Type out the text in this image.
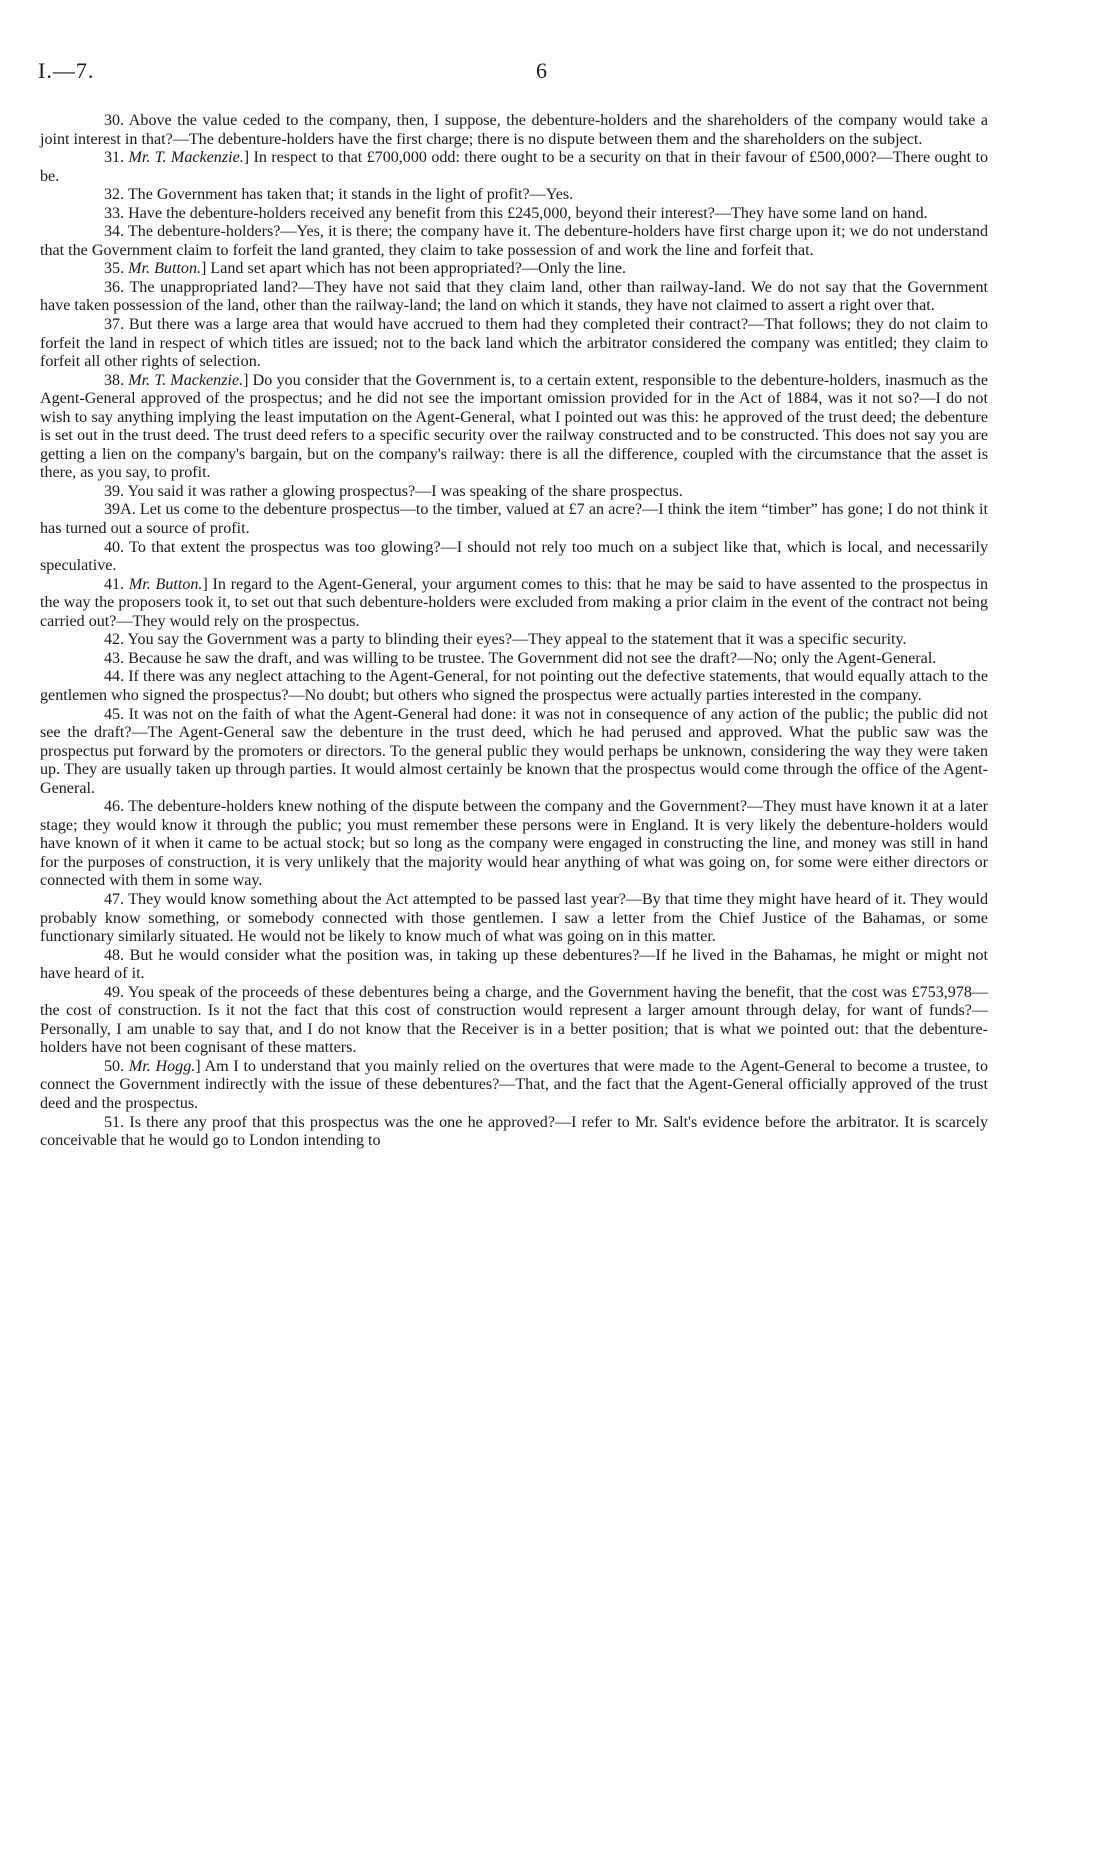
I.—7.	6

30. Above the value ceded to the company, then, I suppose, the debenture-holders and the shareholders of the company would take a joint interest in that?—The debenture-holders have the first charge; there is no dispute between them and the shareholders on the subject.

31. Mr. T. Mackenzie.] In respect to that £700,000 odd: there ought to be a security on that in their favour of £500,000?—There ought to be.

32. The Government has taken that; it stands in the light of profit?—Yes.

33. Have the debenture-holders received any benefit from this £245,000, beyond their interest?—They have some land on hand.

34. The debenture-holders?—Yes, it is there; the company have it. The debenture-holders have first charge upon it; we do not understand that the Government claim to forfeit the land granted, they claim to take possession of and work the line and forfeit that.

35. Mr. Button.] Land set apart which has not been appropriated?—Only the line.

36. The unappropriated land?—They have not said that they claim land, other than railway-land. We do not say that the Government have taken possession of the land, other than the railway-land; the land on which it stands, they have not claimed to assert a right over that.

37. But there was a large area that would have accrued to them had they completed their contract?—That follows; they do not claim to forfeit the land in respect of which titles are issued; not to the back land which the arbitrator considered the company was entitled; they claim to forfeit all other rights of selection.

38. Mr. T. Mackenzie.] Do you consider that the Government is, to a certain extent, responsible to the debenture-holders, inasmuch as the Agent-General approved of the prospectus; and he did not see the important omission provided for in the Act of 1884, was it not so?—I do not wish to say anything implying the least imputation on the Agent-General, what I pointed out was this: he approved of the trust deed; the debenture is set out in the trust deed. The trust deed refers to a specific security over the railway constructed and to be constructed. This does not say you are getting a lien on the company's bargain, but on the company's railway: there is all the difference, coupled with the circumstance that the asset is there, as you say, to profit.

39. You said it was rather a glowing prospectus?—I was speaking of the share prospectus.

39A. Let us come to the debenture prospectus—to the timber, valued at £7 an acre?—I think the item “timber” has gone; I do not think it has turned out a source of profit.

40. To that extent the prospectus was too glowing?—I should not rely too much on a subject like that, which is local, and necessarily speculative.

41. Mr. Button.] In regard to the Agent-General, your argument comes to this: that he may be said to have assented to the prospectus in the way the proposers took it, to set out that such debenture-holders were excluded from making a prior claim in the event of the contract not being carried out?—They would rely on the prospectus.

42. You say the Government was a party to blinding their eyes?—They appeal to the statement that it was a specific security.

43. Because he saw the draft, and was willing to be trustee. The Government did not see the draft?—No; only the Agent-General.

44. If there was any neglect attaching to the Agent-General, for not pointing out the defective statements, that would equally attach to the gentlemen who signed the prospectus?—No doubt; but others who signed the prospectus were actually parties interested in the company.

45. It was not on the faith of what the Agent-General had done: it was not in consequence of any action of the public; the public did not see the draft?—The Agent-General saw the debenture in the trust deed, which he had perused and approved. What the public saw was the prospectus put forward by the promoters or directors. To the general public they would perhaps be unknown, considering the way they were taken up. They are usually taken up through parties. It would almost certainly be known that the prospectus would come through the office of the Agent-General.

46. The debenture-holders knew nothing of the dispute between the company and the Government?—They must have known it at a later stage; they would know it through the public; you must remember these persons were in England. It is very likely the debenture-holders would have known of it when it came to be actual stock; but so long as the company were engaged in constructing the line, and money was still in hand for the purposes of construction, it is very unlikely that the majority would hear anything of what was going on, for some were either directors or connected with them in some way.

47. They would know something about the Act attempted to be passed last year?—By that time they might have heard of it. They would probably know something, or somebody connected with those gentlemen. I saw a letter from the Chief Justice of the Bahamas, or some functionary similarly situated. He would not be likely to know much of what was going on in this matter.

48. But he would consider what the position was, in taking up these debentures?—If he lived in the Bahamas, he might or might not have heard of it.

49. You speak of the proceeds of these debentures being a charge, and the Government having the benefit, that the cost was £753,978—the cost of construction. Is it not the fact that this cost of construction would represent a larger amount through delay, for want of funds?—Personally, I am unable to say that, and I do not know that the Receiver is in a better position; that is what we pointed out: that the debenture-holders have not been cognisant of these matters.

50. Mr. Hogg.] Am I to understand that you mainly relied on the overtures that were made to the Agent-General to become a trustee, to connect the Government indirectly with the issue of these debentures?—That, and the fact that the Agent-General officially approved of the trust deed and the prospectus.

51. Is there any proof that this prospectus was the one he approved?—I refer to Mr. Salt's evidence before the arbitrator. It is scarcely conceivable that he would go to London intending to
